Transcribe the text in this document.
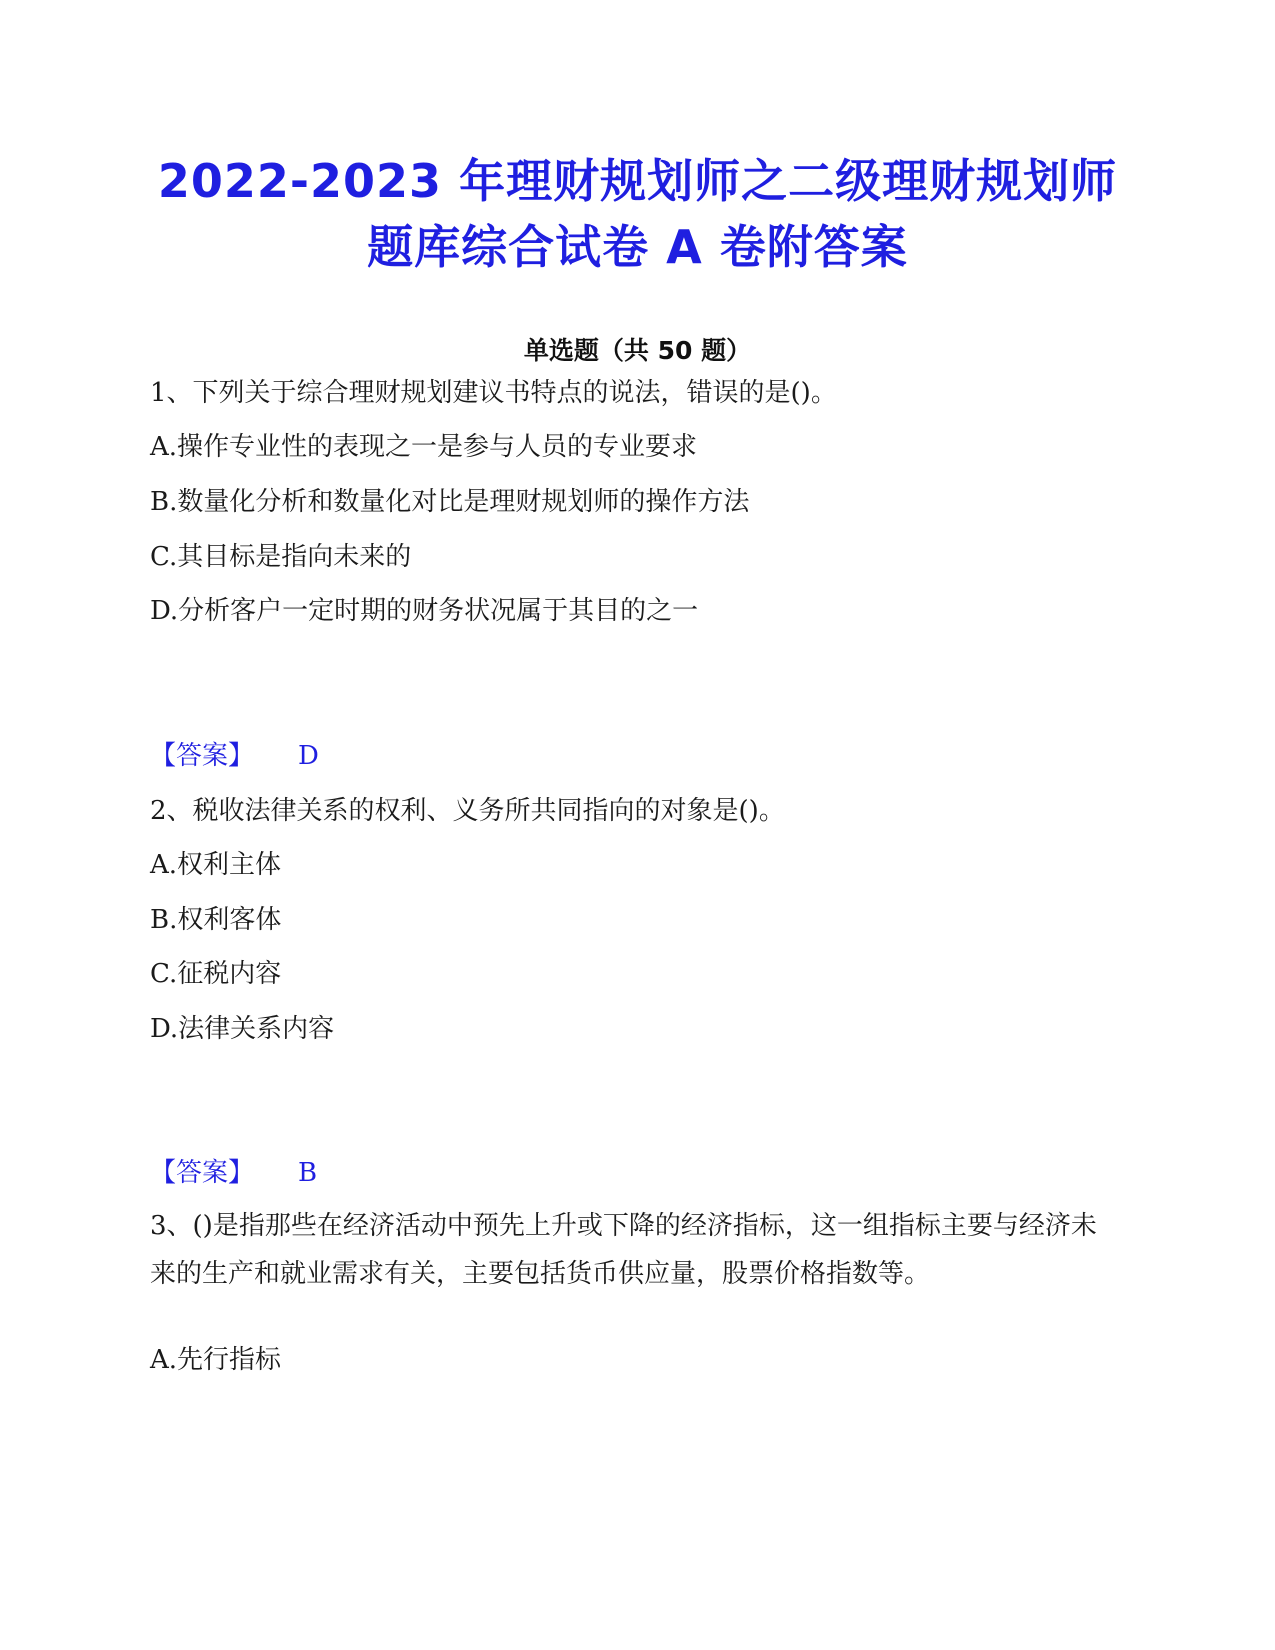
2022-2023 年理财规划师之二级理财规划师
题库综合试卷 A 卷附答案
单选题（共 50 题）
1、下列关于综合理财规划建议书特点的说法，错误的是()。
A.操作专业性的表现之一是参与人员的专业要求
B.数量化分析和数量化对比是理财规划师的操作方法
C.其目标是指向未来的
D.分析客户一定时期的财务状况属于其目的之一
【答案】 D
2、税收法律关系的权利、义务所共同指向的对象是()。
A.权利主体
B.权利客体
C.征税内容
D.法律关系内容
【答案】 B
3、()是指那些在经济活动中预先上升或下降的经济指标，这一组指标主要与经济未来的生产和就业需求有关，主要包括货币供应量，股票价格指数等。
A.先行指标
